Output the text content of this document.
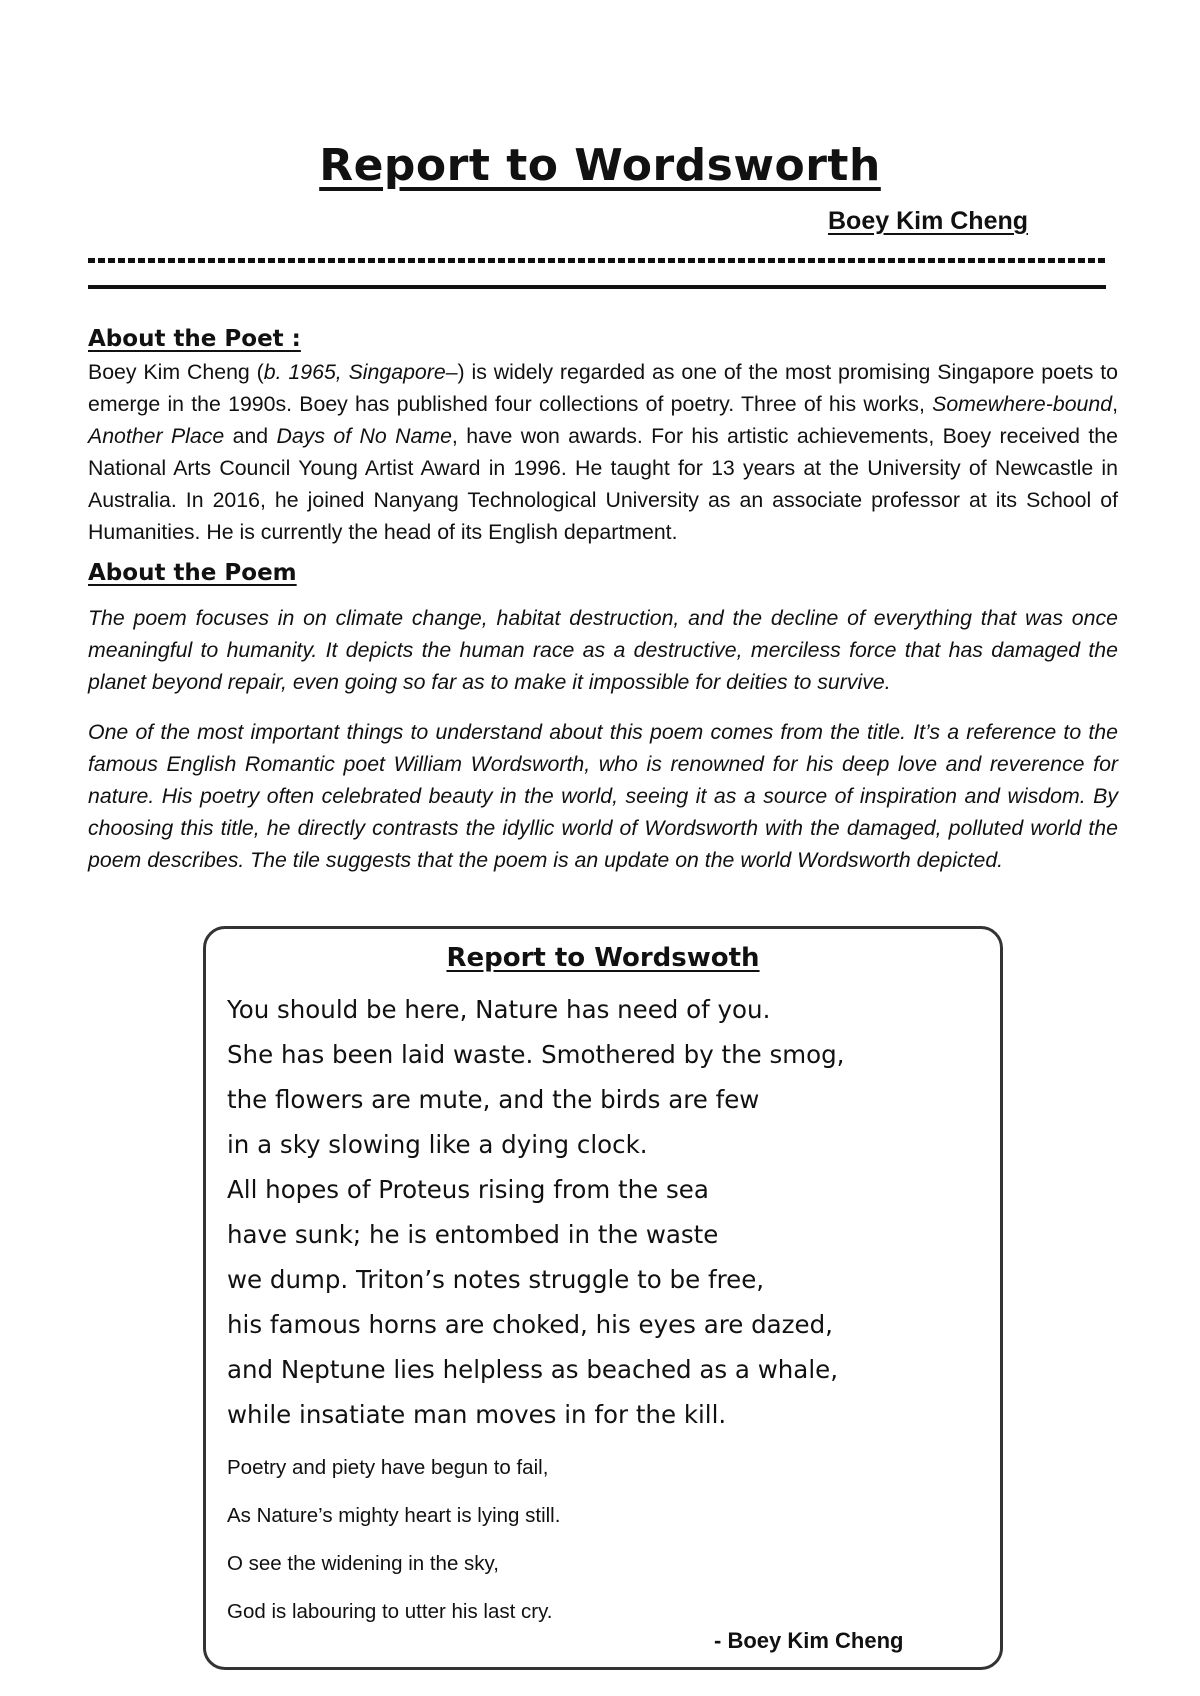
Report to Wordsworth
Boey Kim Cheng
About the Poet :
Boey Kim Cheng (b. 1965, Singapore–) is widely regarded as one of the most promising Singapore poets to emerge in the 1990s. Boey has published four collections of poetry. Three of his works, Somewhere-bound, Another Place and Days of No Name, have won awards. For his artistic achievements, Boey received the National Arts Council Young Artist Award in 1996. He taught for 13 years at the University of Newcastle in Australia. In 2016, he joined Nanyang Technological University as an associate professor at its School of Humanities. He is currently the head of its English department.
About the Poem
The poem focuses in on climate change, habitat destruction, and the decline of everything that was once meaningful to humanity. It depicts the human race as a destructive, merciless force that has damaged the planet beyond repair, even going so far as to make it impossible for deities to survive.
One of the most important things to understand about this poem comes from the title. It’s a reference to the famous English Romantic poet William Wordsworth, who is renowned for his deep love and reverence for nature. His poetry often celebrated beauty in the world, seeing it as a source of inspiration and wisdom. By choosing this title, he directly contrasts the idyllic world of Wordsworth with the damaged, polluted world the poem describes. The tile suggests that the poem is an update on the world Wordsworth depicted.
Report to Wordswoth
You should be here, Nature has need of you.
She has been laid waste. Smothered by the smog,
the flowers are mute, and the birds are few
in a sky slowing like a dying clock.
All hopes of Proteus rising from the sea
have sunk; he is entombed in the waste
we dump. Triton’s notes struggle to be free,
his famous horns are choked, his eyes are dazed,
and Neptune lies helpless as beached as a whale,
while insatiate man moves in for the kill.
Poetry and piety have begun to fail,
As Nature’s mighty heart is lying still.
O see the widening in the sky,
God is labouring to utter his last cry.
- Boey Kim Cheng
